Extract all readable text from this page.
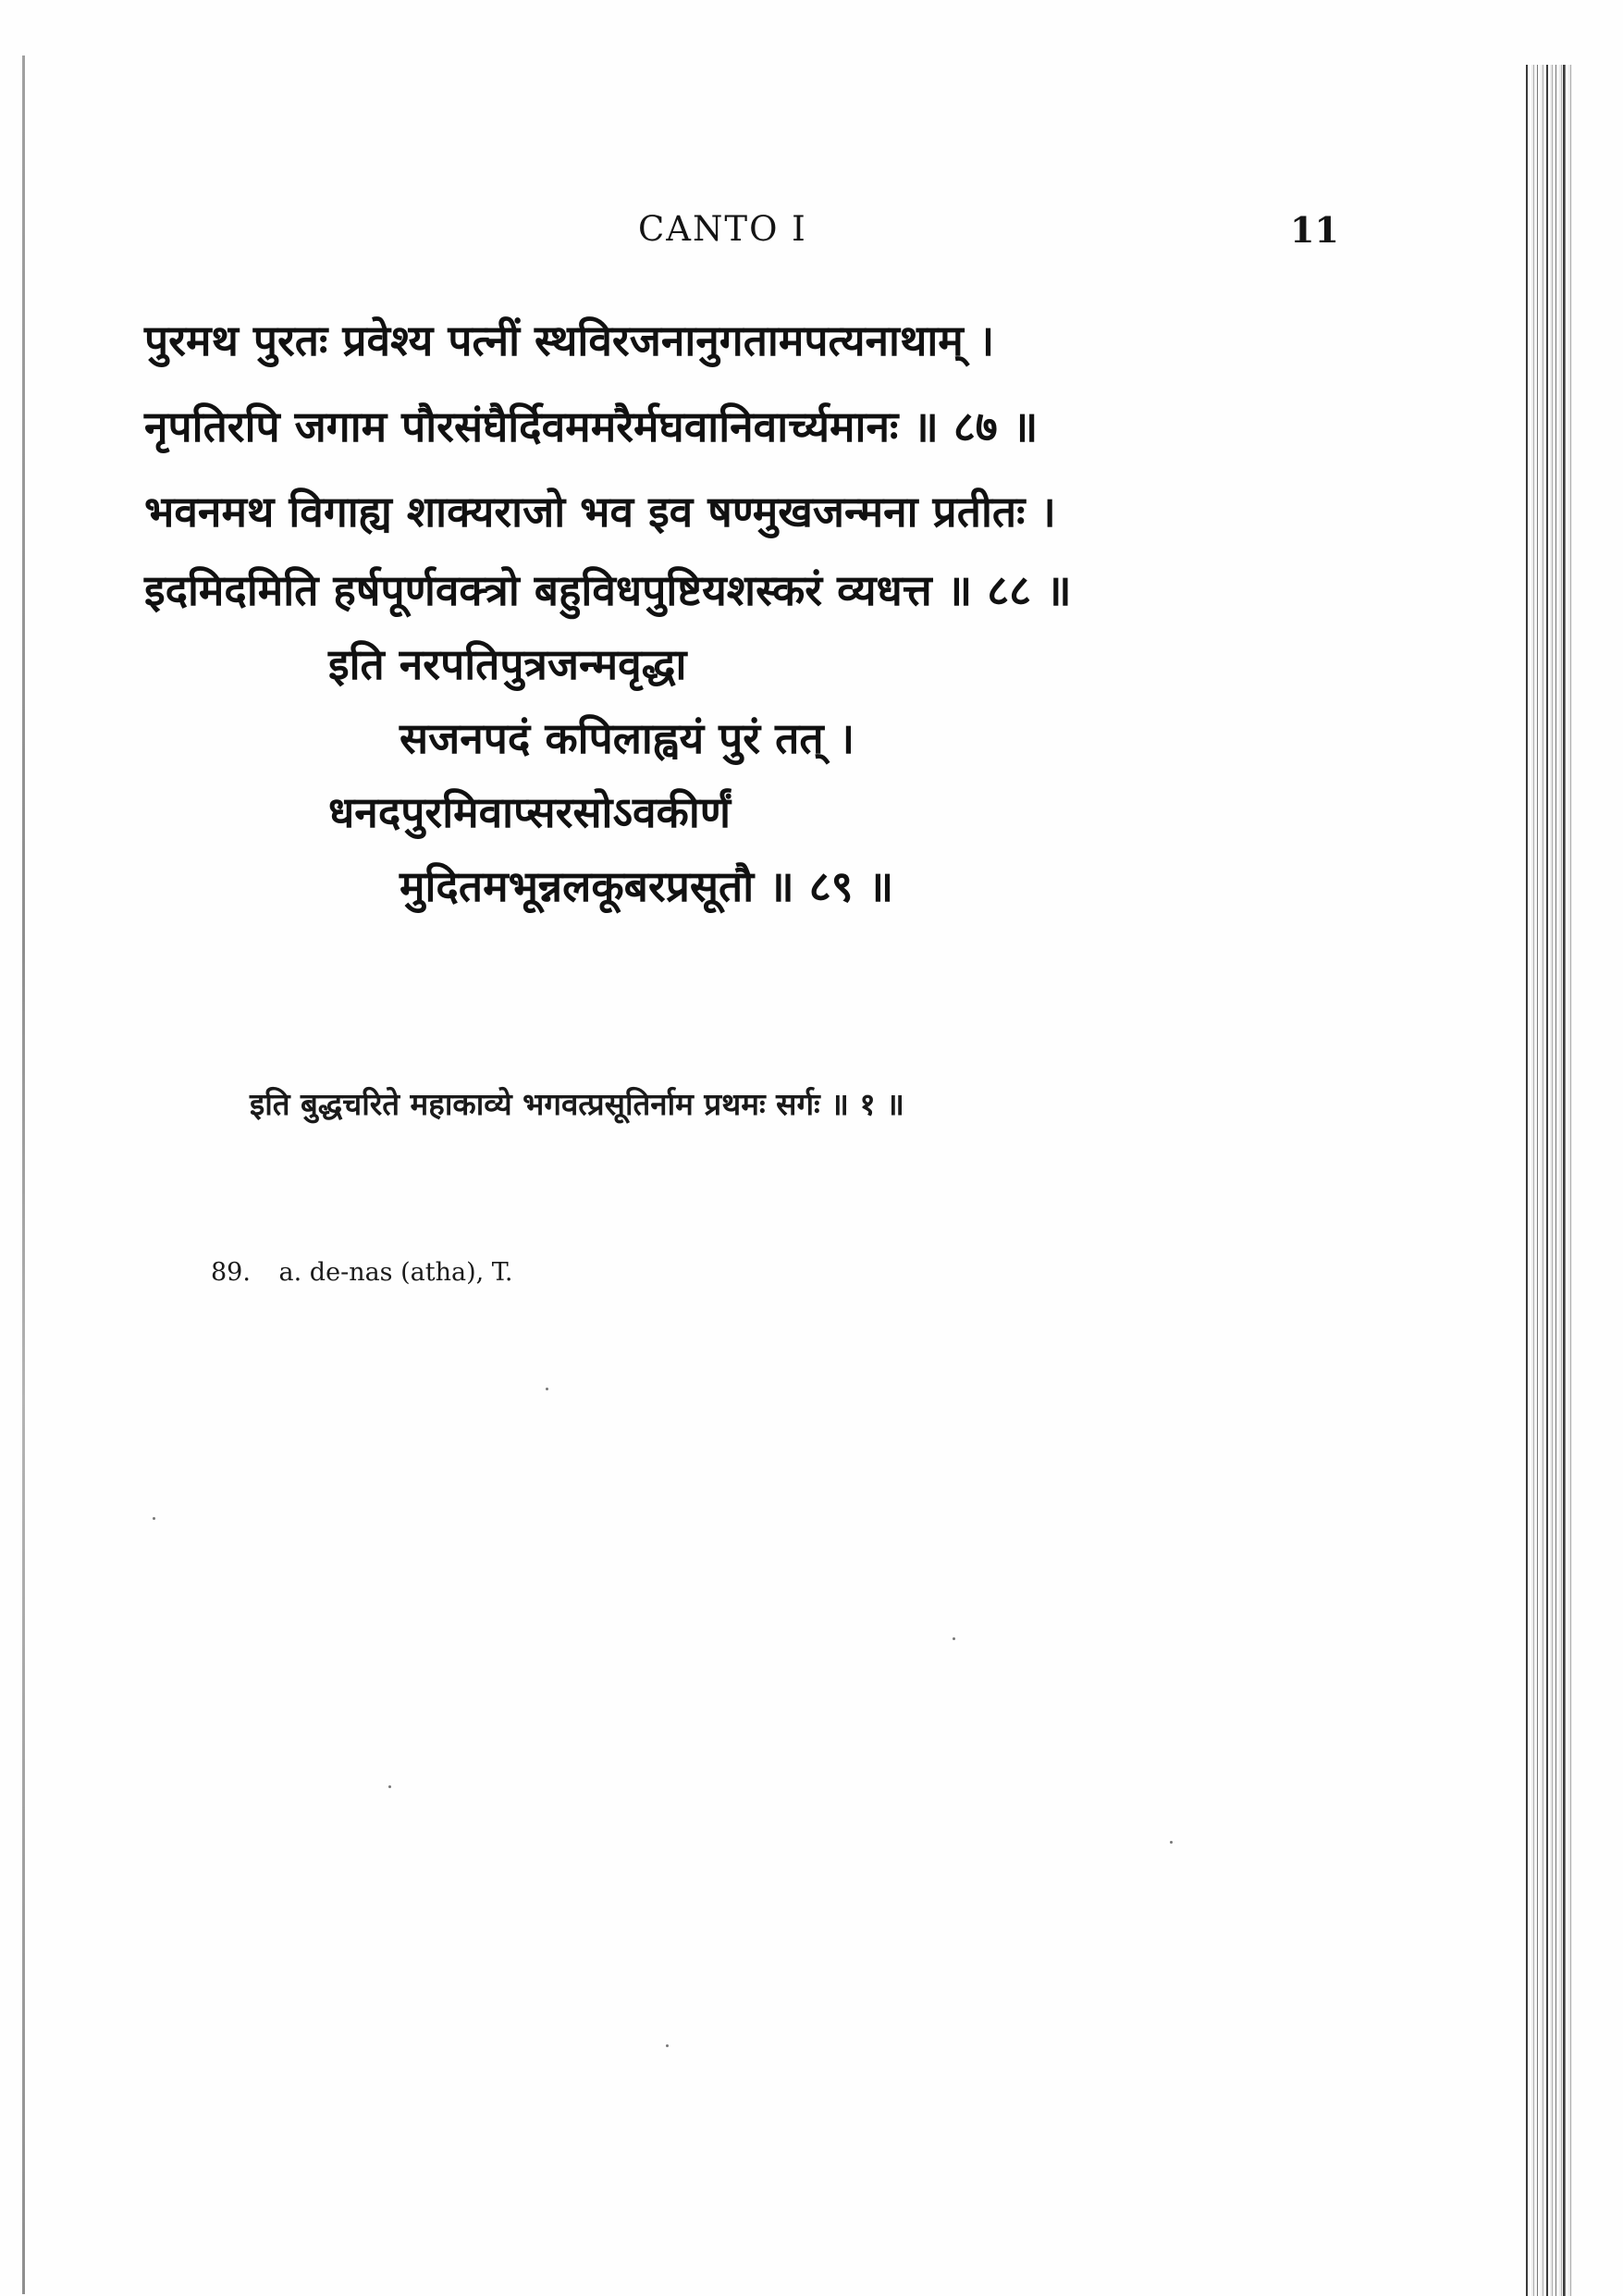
CANTO I	11
पुरमथ पुरतः प्रवेश्य पत्नीं स्थविरजनानुगतामपत्यनाथाम् ।
नृपतिरपि जगाम पौरसंघैर्दिवममरैर्मघवानिवार्च्यमानः ॥ ८७ ॥
भवनमथ विगाह्य शाक्यराजो भव इव षण्मुखजन्मना प्रतीतः ।
इदमिदमिति हर्षपूर्णवक्त्रो बहुविधपुष्टियशस्करं व्यधत्त ॥ ८८ ॥
इति नरपतिपुत्रजन्मवृद्धा
सजनपदं कपिलाह्वयं पुरं तत् ।
धनदपुरमिवाप्सरसोऽवकीर्णं
मुदितमभून्नलकूबरप्रसूतौ ॥ ८९ ॥
इति बुद्धचरिते महाकाव्ये भगवत्प्रसूतिर्नाम प्रथमः सर्गः ॥ १ ॥
89. a. de-nas (atha), T.
